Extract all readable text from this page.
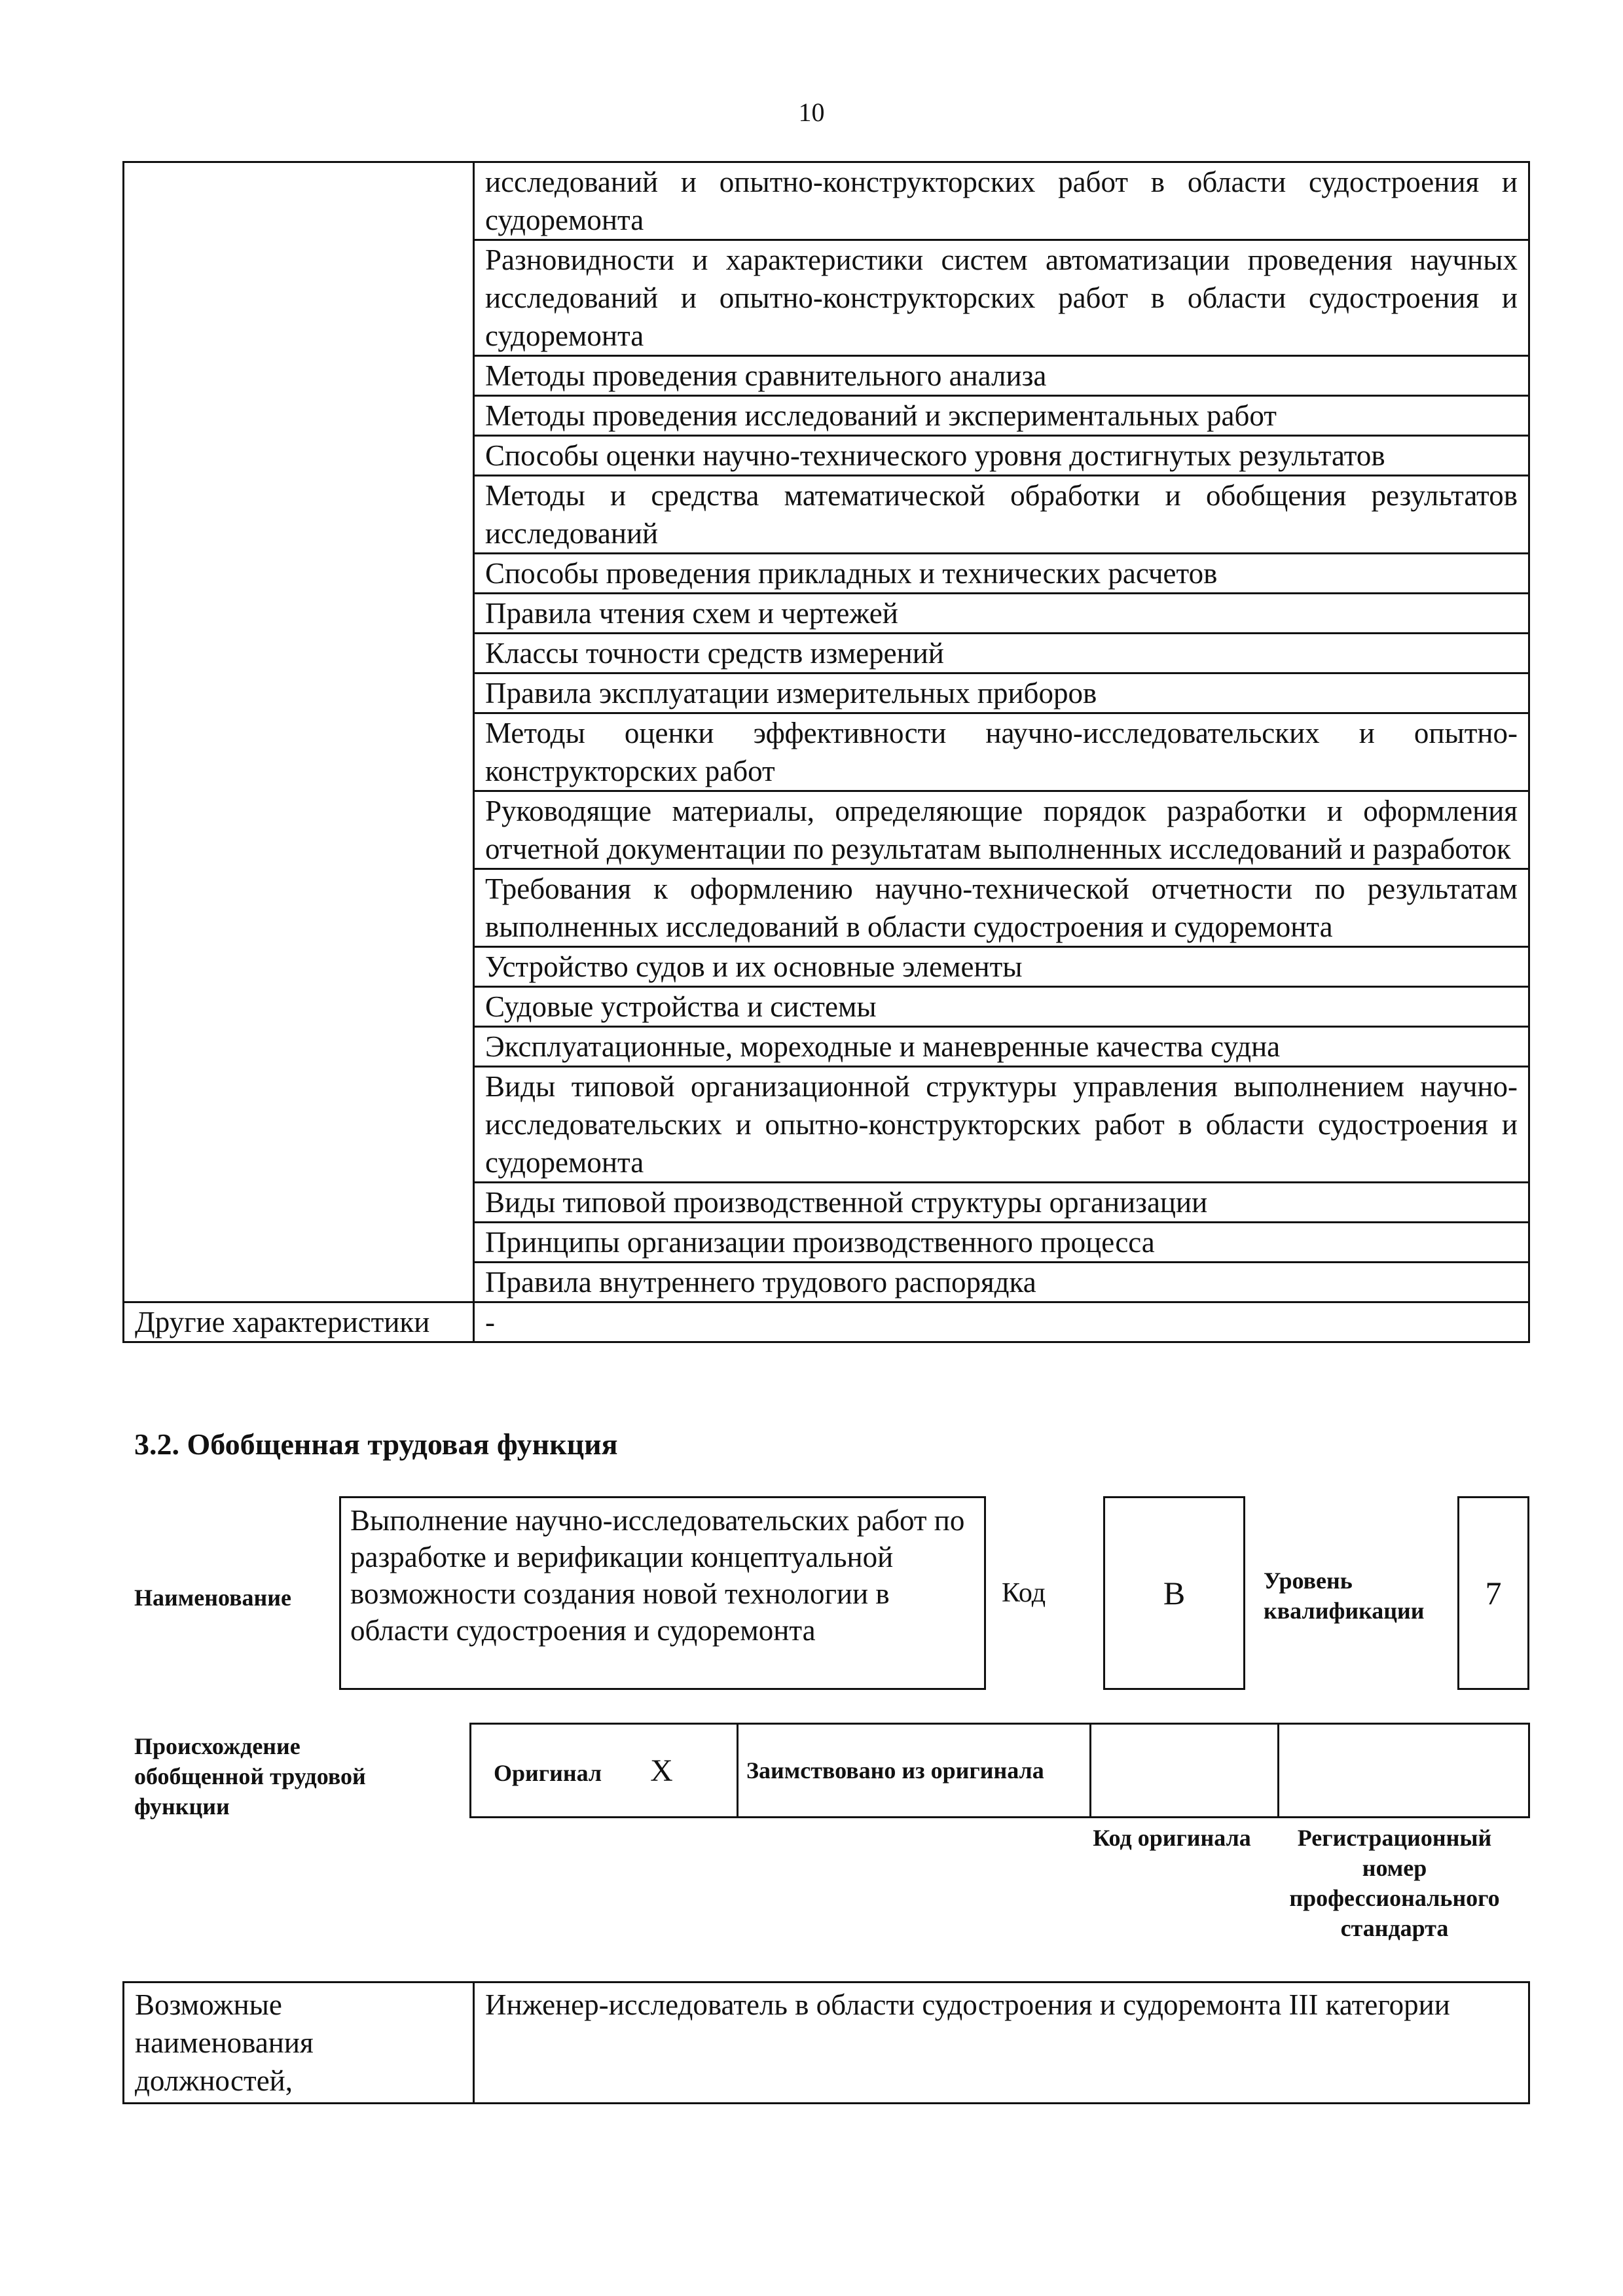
10
	исследований и опытно-конструкторских работ в области судостроения и судоремонта
	Разновидности и характеристики систем автоматизации проведения научных исследований и опытно-конструкторских работ в области судостроения и судоремонта
	Методы проведения сравнительного анализа
	Методы проведения исследований и экспериментальных работ
	Способы оценки научно-технического уровня достигнутых результатов
	Методы и средства математической обработки и обобщения результатов исследований
	Способы проведения прикладных и технических расчетов
	Правила чтения схем и чертежей
	Классы точности средств измерений
	Правила эксплуатации измерительных приборов
	Методы оценки эффективности научно-исследовательских и опытно-конструкторских работ
	Руководящие материалы, определяющие порядок разработки и оформления отчетной документации по результатам выполненных исследований и разработок
	Требования к оформлению научно-технической отчетности по результатам выполненных исследований в области судостроения и судоремонта
	Устройство судов и их основные элементы
	Судовые устройства и системы
	Эксплуатационные, мореходные и маневренные качества судна
	Виды типовой организационной структуры управления выполнением научно-исследовательских и опытно-конструкторских работ в области судостроения и судоремонта
	Виды типовой производственной структуры организации
	Принципы организации производственного процесса
	Правила внутреннего трудового распорядка
Другие характеристики	-
3.2. Обобщенная трудовая функция
Наименование
Выполнение научно-исследовательских работ по разработке и верификации концептуальной возможности создания новой технологии в области судостроения и судоремонта
Код	B	Уровень квалификации	7
Происхождение обобщенной трудовой функции
Оригинал X	Заимствовано из оригинала		
Код оригинала	Регистрационный номер профессионального стандарта
Возможные наименования должностей,	Инженер-исследователь в области судостроения и судоремонта III категории
